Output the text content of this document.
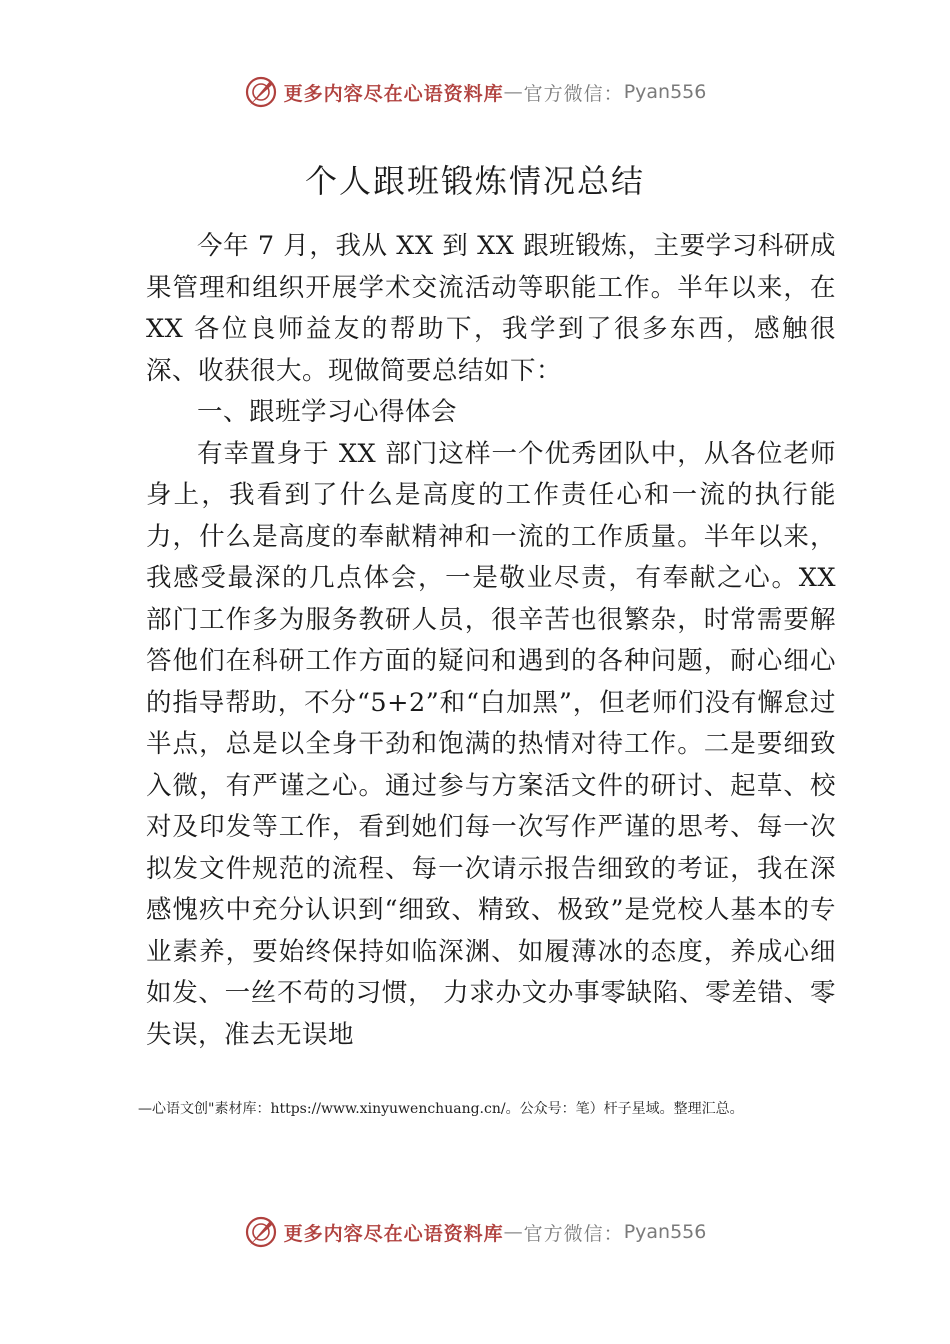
更多内容尽在心语资料库 — 官方微信： Pyan556
个人跟班锻炼情况总结

今年 7 月，我从 XX 到 XX 跟班锻炼，主要学习科研成果管理和组织开展学术交流活动等职能工作。半年以来，在 XX 各位良师益友的帮助下，我学到了很多东西，感触很深、收获很大。现做简要总结如下：

一、跟班学习心得体会

有幸置身于 XX 部门这样一个优秀团队中，从各位老师身上，我看到了什么是高度的工作责任心和一流的执行能力，什么是高度的奉献精神和一流的工作质量。半年以来，我感受最深的几点体会，一是敬业尽责，有奉献之心。XX 部门工作多为服务教研人员，很辛苦也很繁杂，时常需要解答他们在科研工作方面的疑问和遇到的各种问题，耐心细心的指导帮助，不分“5+2”和“白加黑”，但老师们没有懈怠过半点，总是以全身干劲和饱满的热情对待工作。二是要细致入微，有严谨之心。通过参与方案活文件的研讨、起草、校对及印发等工作，看到她们每一次写作严谨的思考、每一次拟发文件规范的流程、每一次请示报告细致的考证，我在深感愧疚中充分认识到“细致、精致、极致”是党校人基本的专业素养，要始终保持如临深渊、如履薄冰的态度，养成心细如发、一丝不苟的习惯， 力求办文办事零缺陷、零差错、零失误，准去无误地

—心语文创"素材库：https://www.xinyuwenchuang.cn/。公众号：笔）杆子星域。整理汇总。
更多内容尽在心语资料库 — 官方微信： Pyan556
